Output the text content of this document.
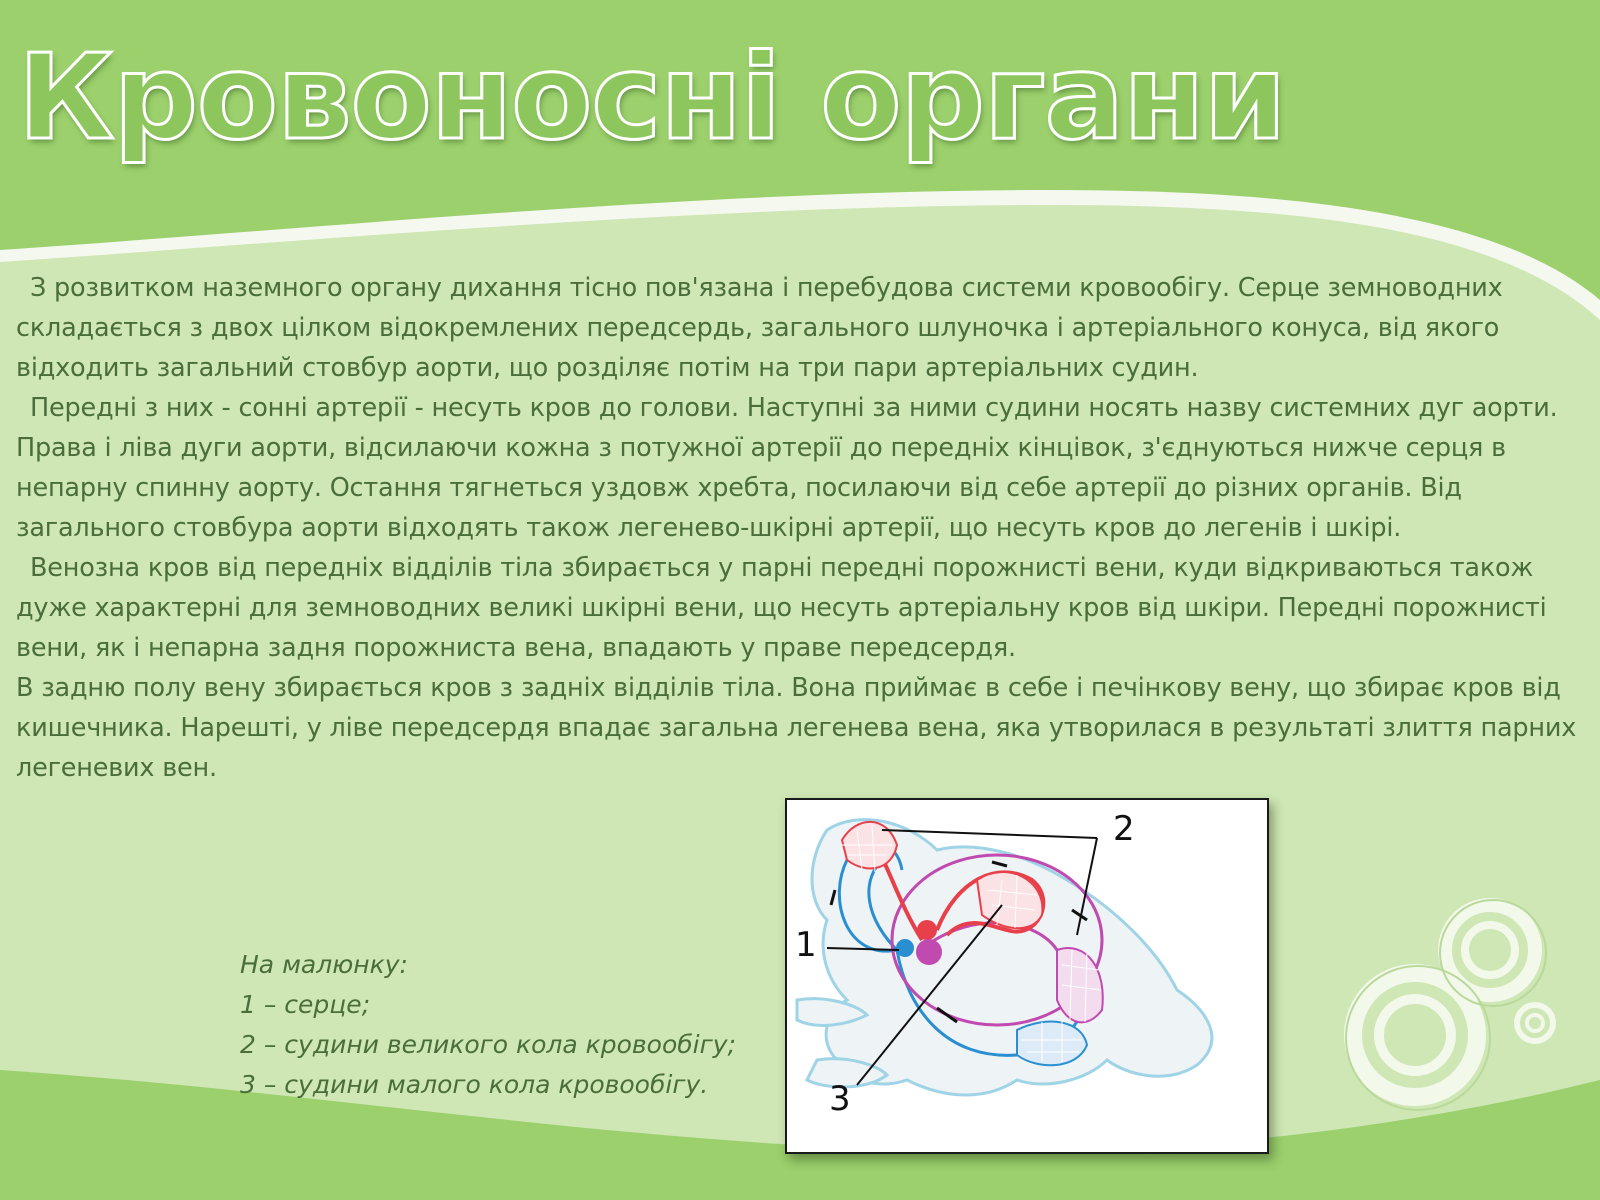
Кровоносні органи

З розвитком наземного органу дихання тісно пов'язана і перебудова системи кровообігу. Серце земноводних складається з двох цілком відокремлених передсердь, загального шлуночка і артеріального конуса, від якого відходить загальний стовбур аорти, що розділяє потім на три пари артеріальних судин.

Передні з них - сонні артерії - несуть кров до голови. Наступні за ними судини носять назву системних дуг аорти. Права і ліва дуги аорти, відсилаючи кожна з потужної артерії до передніх кінцівок, з'єднуються нижче серця в непарну спинну аорту. Остання тягнеться уздовж хребта, посилаючи від себе артерії до різних органів. Від загального стовбура аорти відходять також легенево-шкірні артерії, що несуть кров до легенів і шкірі.

Венозна кров від передніх відділів тіла збирається у парні передні порожнисті вени, куди відкриваються також дуже характерні для земноводних великі шкірні вени, що несуть артеріальну кров від шкіри. Передні порожнисті вени, як і непарна задня порожниста вена, впадають у праве передсердя.

В задню полу вену збирається кров з задніх відділів тіла. Вона приймає в себе і печінкову вену, що збирає кров від кишечника. Нарешті, у ліве передсердя впадає загальна легенева вена, яка утворилася в результаті злиття парних легеневих вен.

На малюнку:
1 – серце;
2 – судини великого кола кровообігу;
3 – судини малого кола кровообігу.
1
2
3
